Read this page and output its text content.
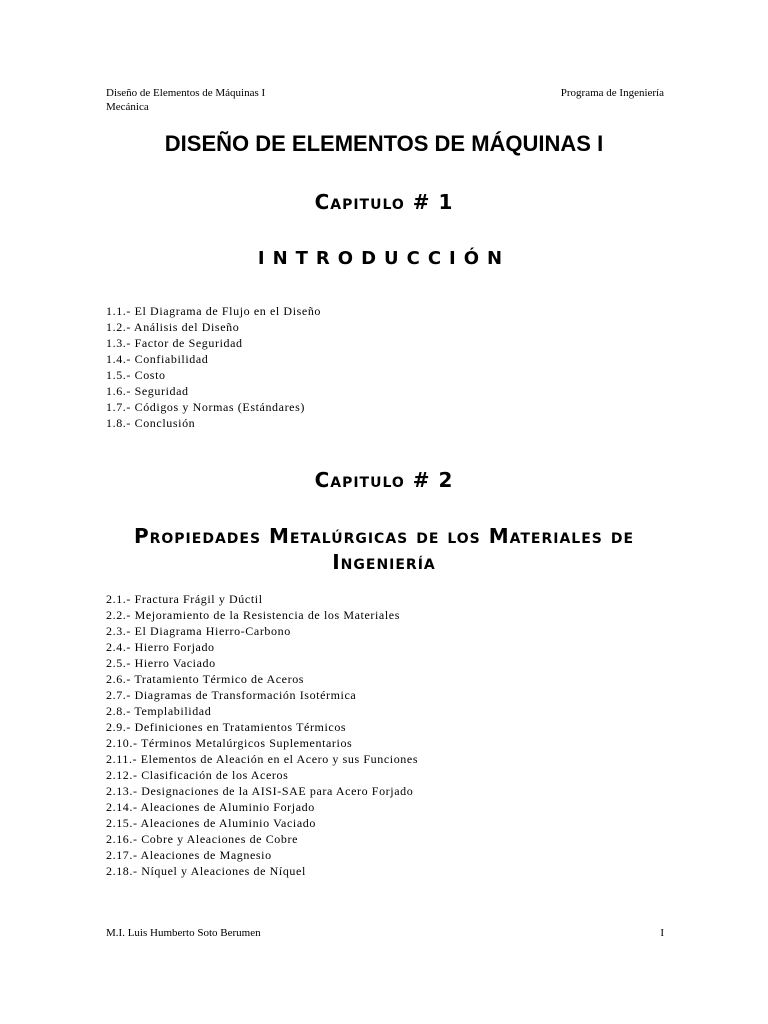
Diseño de Elementos de Máquinas I	Programa de Ingeniería
Mecánica
DISEÑO DE ELEMENTOS DE MÁQUINAS I
Capitulo # 1
INTRODUCCIÓN
1.1.- El Diagrama de Flujo en el Diseño
1.2.- Análisis del Diseño
1.3.- Factor de Seguridad
1.4.- Confiabilidad
1.5.- Costo
1.6.- Seguridad
1.7.- Códigos y Normas (Estándares)
1.8.- Conclusión
Capitulo # 2
Propiedades Metalúrgicas de los Materiales de Ingeniería
2.1.- Fractura Frágil y Dúctil
2.2.- Mejoramiento de la Resistencia de los Materiales
2.3.- El Diagrama Hierro-Carbono
2.4.- Hierro Forjado
2.5.- Hierro Vaciado
2.6.- Tratamiento Térmico de Aceros
2.7.- Diagramas de Transformación Isotérmica
2.8.- Templabilidad
2.9.- Definiciones en Tratamientos Térmicos
2.10.- Términos Metalúrgicos Suplementarios
2.11.- Elementos de Aleación en el Acero y sus Funciones
2.12.- Clasificación de los Aceros
2.13.- Designaciones de la AISI-SAE para Acero Forjado
2.14.- Aleaciones de Aluminio Forjado
2.15.- Aleaciones de Aluminio Vaciado
2.16.- Cobre y Aleaciones de Cobre
2.17.- Aleaciones de Magnesio
2.18.- Níquel y Aleaciones de Níquel
M.I. Luis Humberto Soto Berumen	I
